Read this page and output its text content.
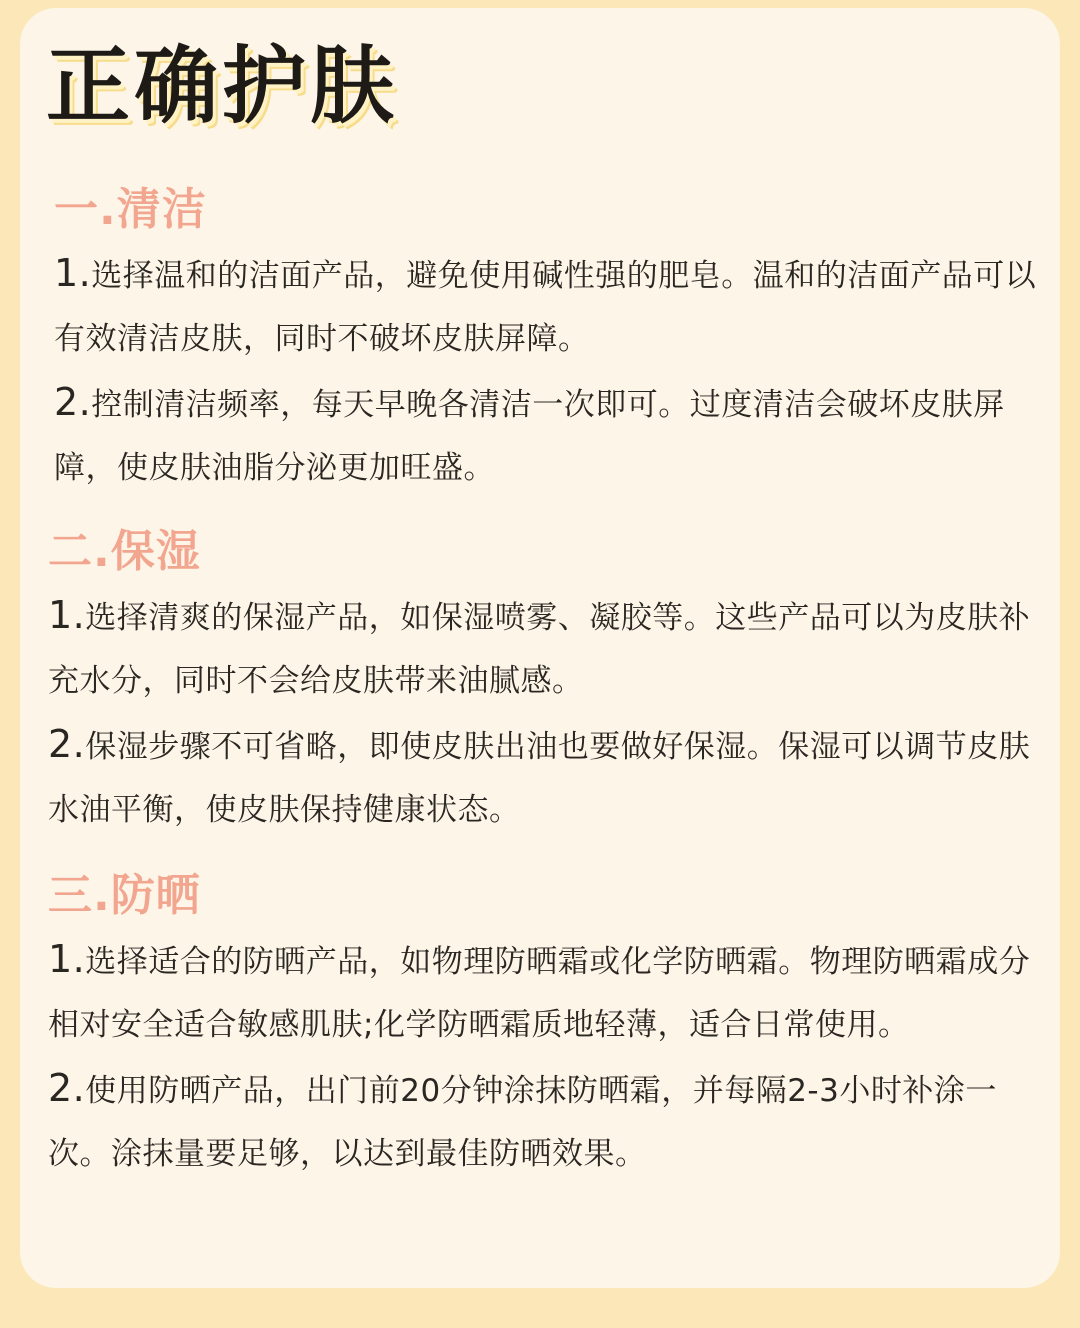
正确护肤
一.清洁

1.选择温和的洁面产品，避免使用碱性强的肥皂。温和的洁面产品可以有效清洁皮肤，同时不破坏皮肤屏障。

2.控制清洁频率，每天早晚各清洁一次即可。过度清洁会破坏皮肤屏障，使皮肤油脂分泌更加旺盛。

二.保湿

1.选择清爽的保湿产品，如保湿喷雾、凝胶等。这些产品可以为皮肤补充水分，同时不会给皮肤带来油腻感。

2.保湿步骤不可省略，即使皮肤出油也要做好保湿。保湿可以调节皮肤水油平衡，使皮肤保持健康状态。

三.防晒

1.选择适合的防晒产品，如物理防晒霜或化学防晒霜。物理防晒霜成分相对安全适合敏感肌肤;化学防晒霜质地轻薄，适合日常使用。

2.使用防晒产品，出门前20分钟涂抹防晒霜，并每隔2-3小时补涂一次。涂抹量要足够，以达到最佳防晒效果。
